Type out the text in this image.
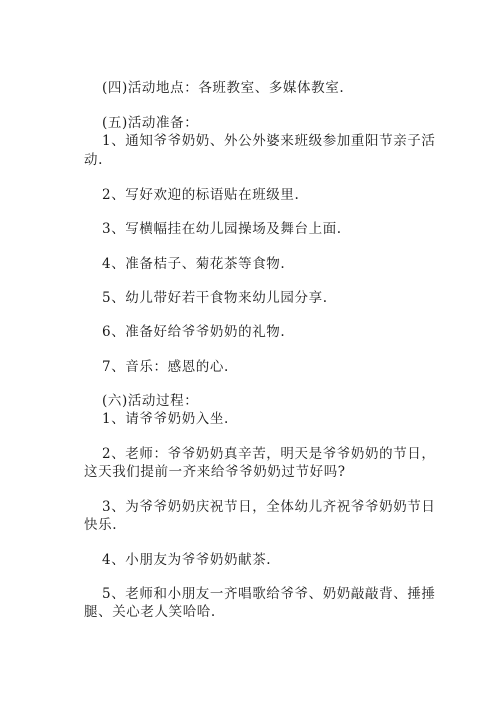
(四)活动地点：各班教室、多媒体教室.
(五)活动准备：
1、通知爷爷奶奶、外公外婆来班级参加重阳节亲子活
动.
2、写好欢迎的标语贴在班级里.
3、写横幅挂在幼儿园操场及舞台上面.
4、准备桔子、菊花茶等食物.
5、幼儿带好若干食物来幼儿园分享.
6、准备好给爷爷奶奶的礼物.
7、音乐：感恩的心.
(六)活动过程：
1、请爷爷奶奶入坐.
2、老师：爷爷奶奶真辛苦，明天是爷爷奶奶的节日，
这天我们提前一齐来给爷爷奶奶过节好吗?
3、为爷爷奶奶庆祝节日，全体幼儿齐祝爷爷奶奶节日
快乐.
4、小朋友为爷爷奶奶献茶.
5、老师和小朋友一齐唱歌给爷爷、奶奶敲敲背、捶捶
腿、关心老人笑哈哈.
